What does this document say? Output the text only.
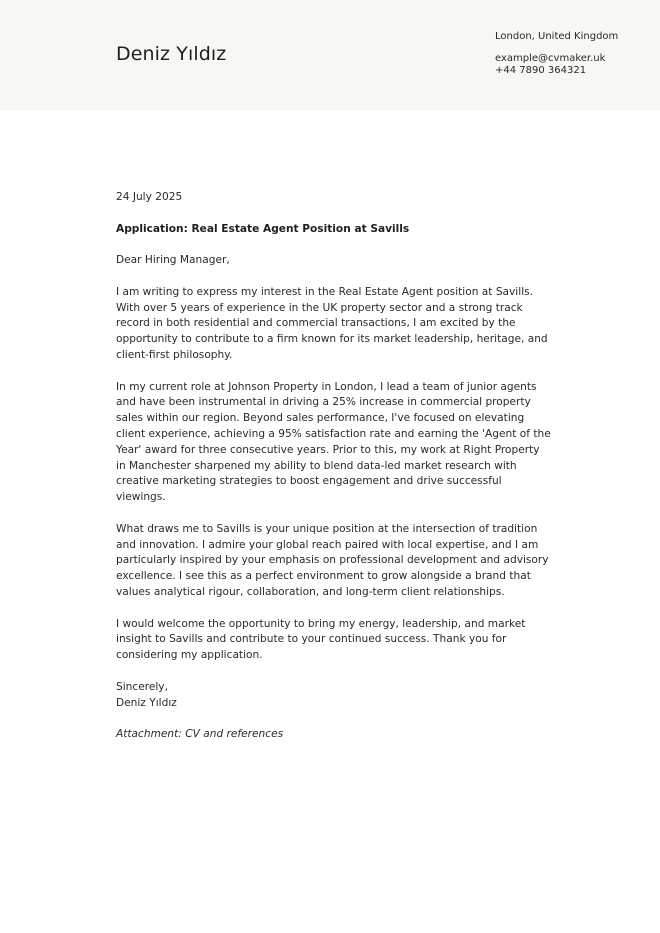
Deniz Yıldız
London, United Kingdom
example@cvmaker.uk
+44 7890 364321

24 July 2025

Application: Real Estate Agent Position at Savills

Dear Hiring Manager,

I am writing to express my interest in the Real Estate Agent position at Savills. With over 5 years of experience in the UK property sector and a strong track record in both residential and commercial transactions, I am excited by the opportunity to contribute to a firm known for its market leadership, heritage, and client-first philosophy.

In my current role at Johnson Property in London, I lead a team of junior agents and have been instrumental in driving a 25% increase in commercial property sales within our region. Beyond sales performance, I've focused on elevating client experience, achieving a 95% satisfaction rate and earning the 'Agent of the Year' award for three consecutive years. Prior to this, my work at Right Property in Manchester sharpened my ability to blend data-led market research with creative marketing strategies to boost engagement and drive successful viewings.

What draws me to Savills is your unique position at the intersection of tradition and innovation. I admire your global reach paired with local expertise, and I am particularly inspired by your emphasis on professional development and advisory excellence. I see this as a perfect environment to grow alongside a brand that values analytical rigour, collaboration, and long-term client relationships.

I would welcome the opportunity to bring my energy, leadership, and market insight to Savills and contribute to your continued success. Thank you for considering my application.

Sincerely,
Deniz Yıldız

Attachment: CV and references
